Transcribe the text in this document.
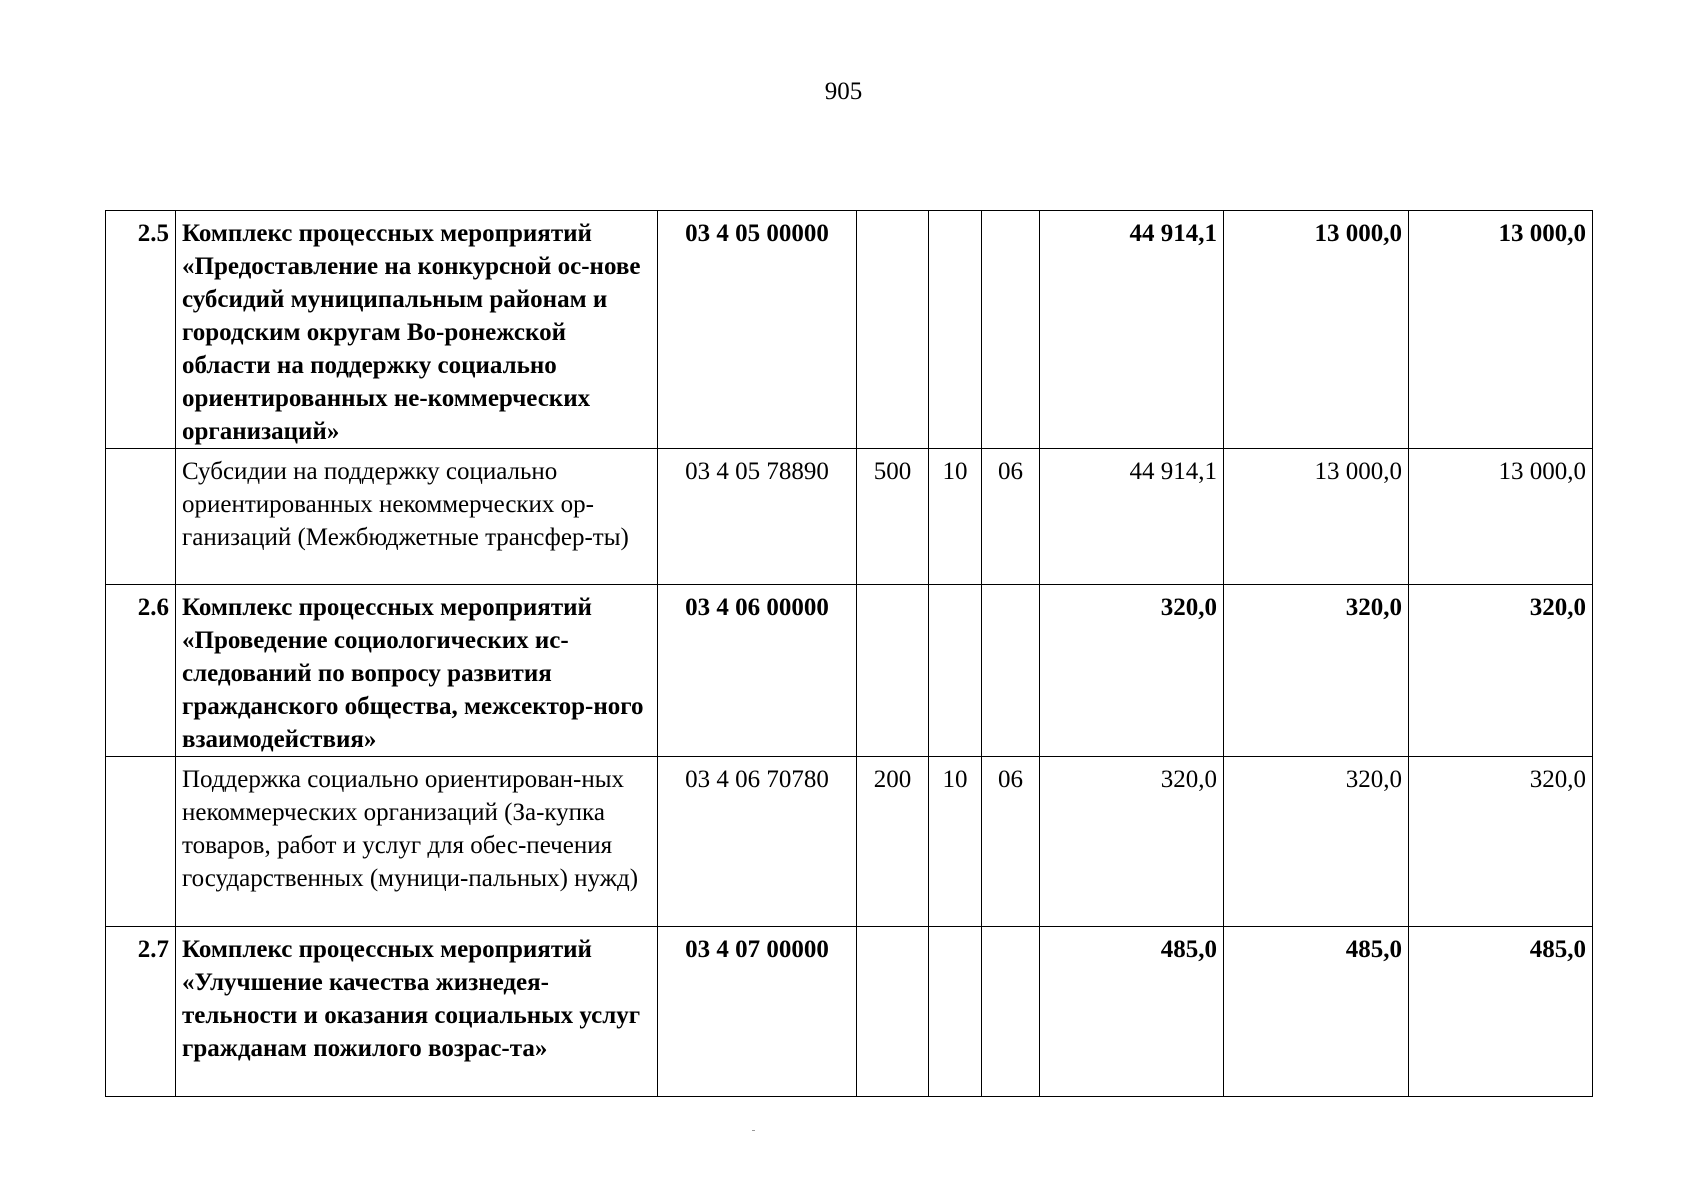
905
2.5	Комплекс процессных мероприятий «Предоставление на конкурсной ос-нове субсидий муниципальным районам и городским округам Во-ронежской области на поддержку социально ориентированных не-коммерческих организаций»	03 4 05 00000				44 914,1	13 000,0	13 000,0
	Субсидии на поддержку социально ориентированных некоммерческих ор-ганизаций (Межбюджетные трансфер-ты)	03 4 05 78890	500	10	06	44 914,1	13 000,0	13 000,0
2.6	Комплекс процессных мероприятий «Проведение социологических ис-следований по вопросу развития гражданского общества, межсектор-ного взаимодействия»	03 4 06 00000				320,0	320,0	320,0
	Поддержка социально ориентирован-ных некоммерческих организаций (За-купка товаров, работ и услуг для обес-печения государственных (муници-пальных) нужд)	03 4 06 70780	200	10	06	320,0	320,0	320,0
2.7	Комплекс процессных мероприятий «Улучшение качества жизнедея-тельности и оказания социальных услуг гражданам пожилого возрас-та»	03 4 07 00000				485,0	485,0	485,0
